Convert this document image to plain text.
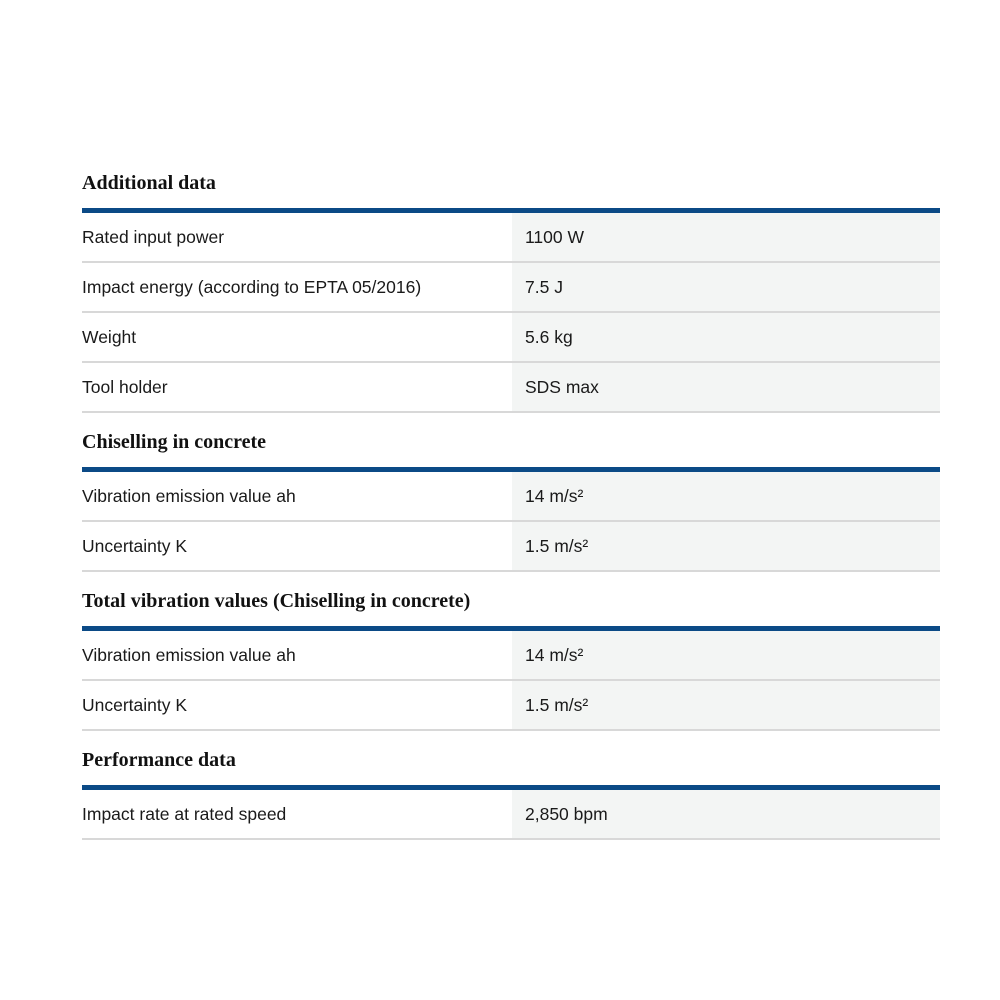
Additional data
Rated input power	1100 W
Impact energy (according to EPTA 05/2016)	7.5 J
Weight	5.6 kg
Tool holder	SDS max
Chiselling in concrete
Vibration emission value ah	14 m/s²
Uncertainty K	1.5 m/s²
Total vibration values (Chiselling in concrete)
Vibration emission value ah	14 m/s²
Uncertainty K	1.5 m/s²
Performance data
Impact rate at rated speed	2,850 bpm
